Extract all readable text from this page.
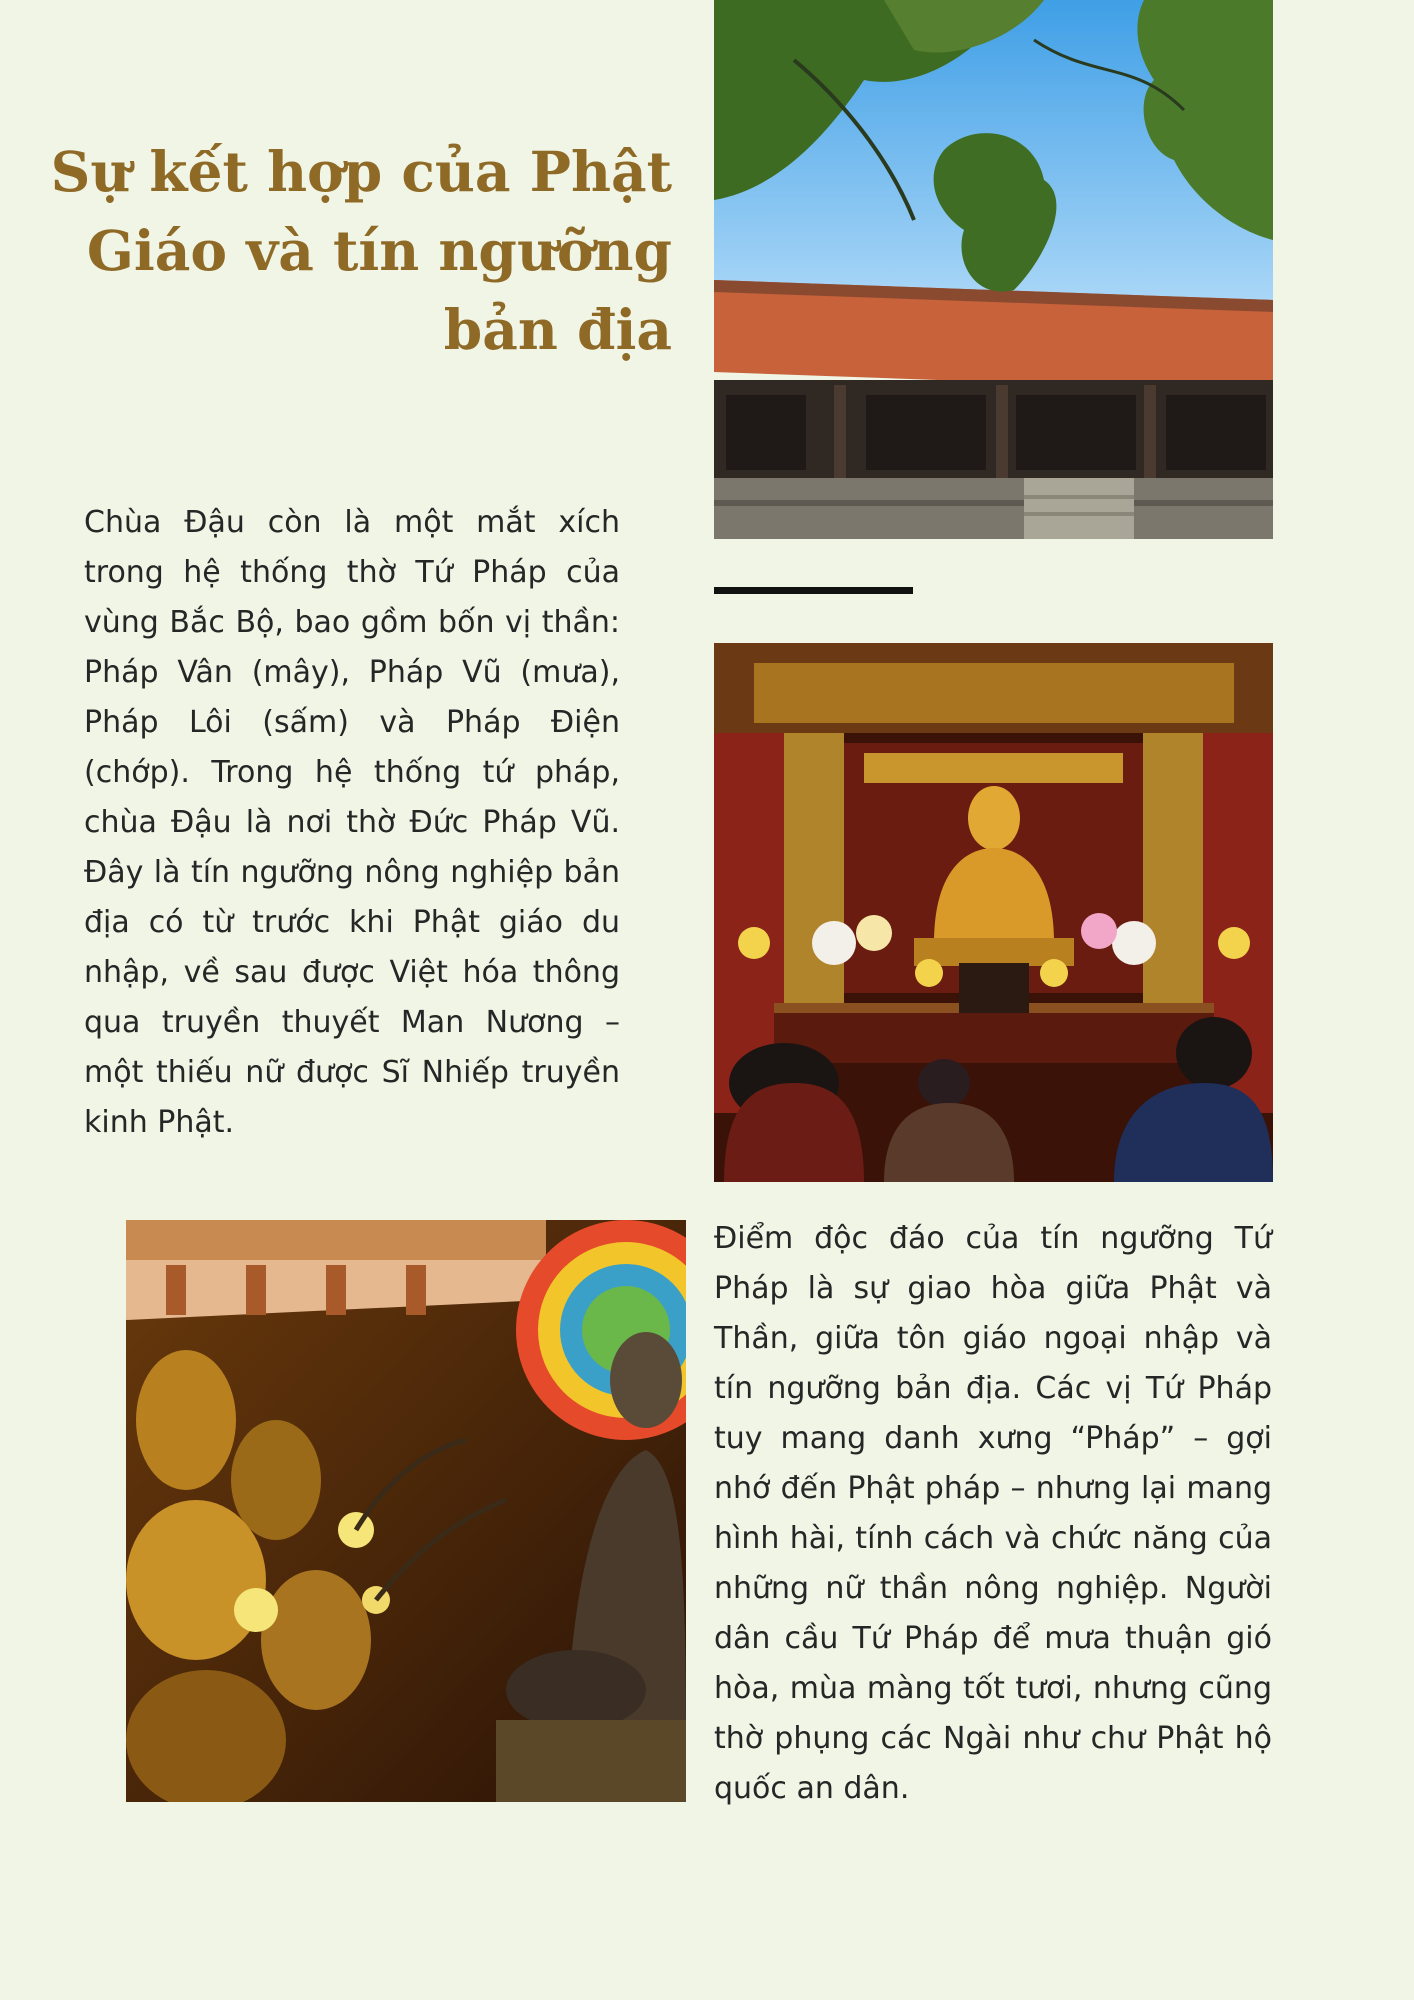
Sự kết hợp của Phật Giáo và tín ngưỡng bản địa

Chùa Đậu còn là một mắt xích trong hệ thống thờ Tứ Pháp của vùng Bắc Bộ, bao gồm bốn vị thần: Pháp Vân (mây), Pháp Vũ (mưa), Pháp Lôi (sấm) và Pháp Điện (chớp). Trong hệ thống tứ pháp, chùa Đậu là nơi thờ Đức Pháp Vũ. Đây là tín ngưỡng nông nghiệp bản địa có từ trước khi Phật giáo du nhập, về sau được Việt hóa thông qua truyền thuyết Man Nương – một thiếu nữ được Sĩ Nhiếp truyền kinh Phật.

Điểm độc đáo của tín ngưỡng Tứ Pháp là sự giao hòa giữa Phật và Thần, giữa tôn giáo ngoại nhập và tín ngưỡng bản địa. Các vị Tứ Pháp tuy mang danh xưng “Pháp” – gợi nhớ đến Phật pháp – nhưng lại mang hình hài, tính cách và chức năng của những nữ thần nông nghiệp. Người dân cầu Tứ Pháp để mưa thuận gió hòa, mùa màng tốt tươi, nhưng cũng thờ phụng các Ngài như chư Phật hộ quốc an dân.
